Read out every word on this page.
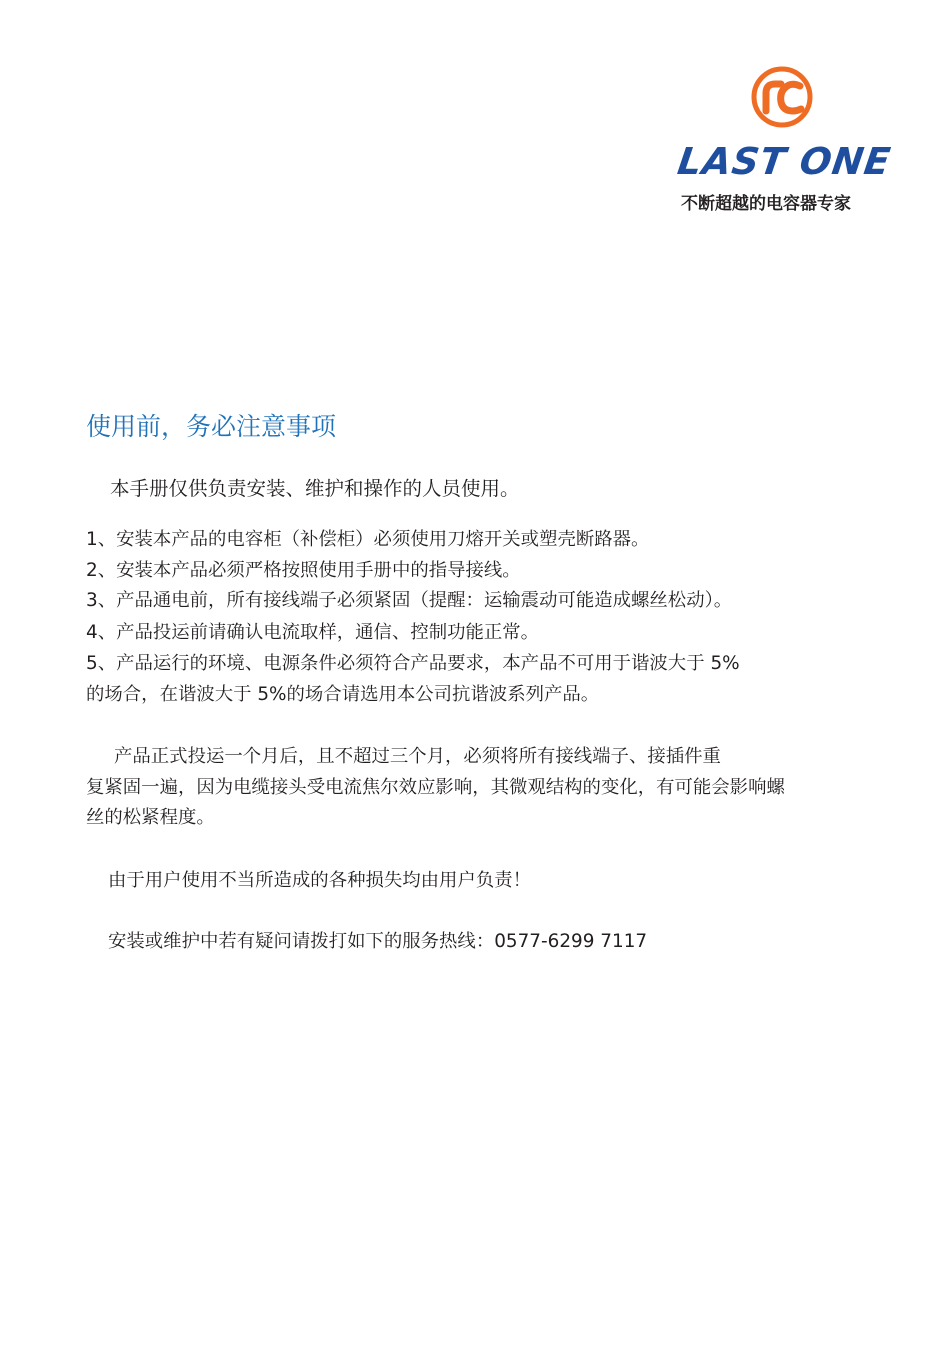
LAST ONE
不断超越的电容器专家
使用前，务必注意事项
本手册仅供负责安装、维护和操作的人员使用。
1、安装本产品的电容柜（补偿柜）必须使用刀熔开关或塑壳断路器。
2、安装本产品必须严格按照使用手册中的指导接线。
3、产品通电前，所有接线端子必须紧固（提醒：运输震动可能造成螺丝松动）。
4、产品投运前请确认电流取样，通信、控制功能正常。
5、产品运行的环境、电源条件必须符合产品要求，本产品不可用于谐波大于 5%
的场合，在谐波大于 5%的场合请选用本公司抗谐波系列产品。
产品正式投运一个月后，且不超过三个月，必须将所有接线端子、接插件重
复紧固一遍，因为电缆接头受电流焦尔效应影响，其微观结构的变化，有可能会影响螺
丝的松紧程度。
由于用户使用不当所造成的各种损失均由用户负责！
安装或维护中若有疑问请拨打如下的服务热线：0577-6299 7117
